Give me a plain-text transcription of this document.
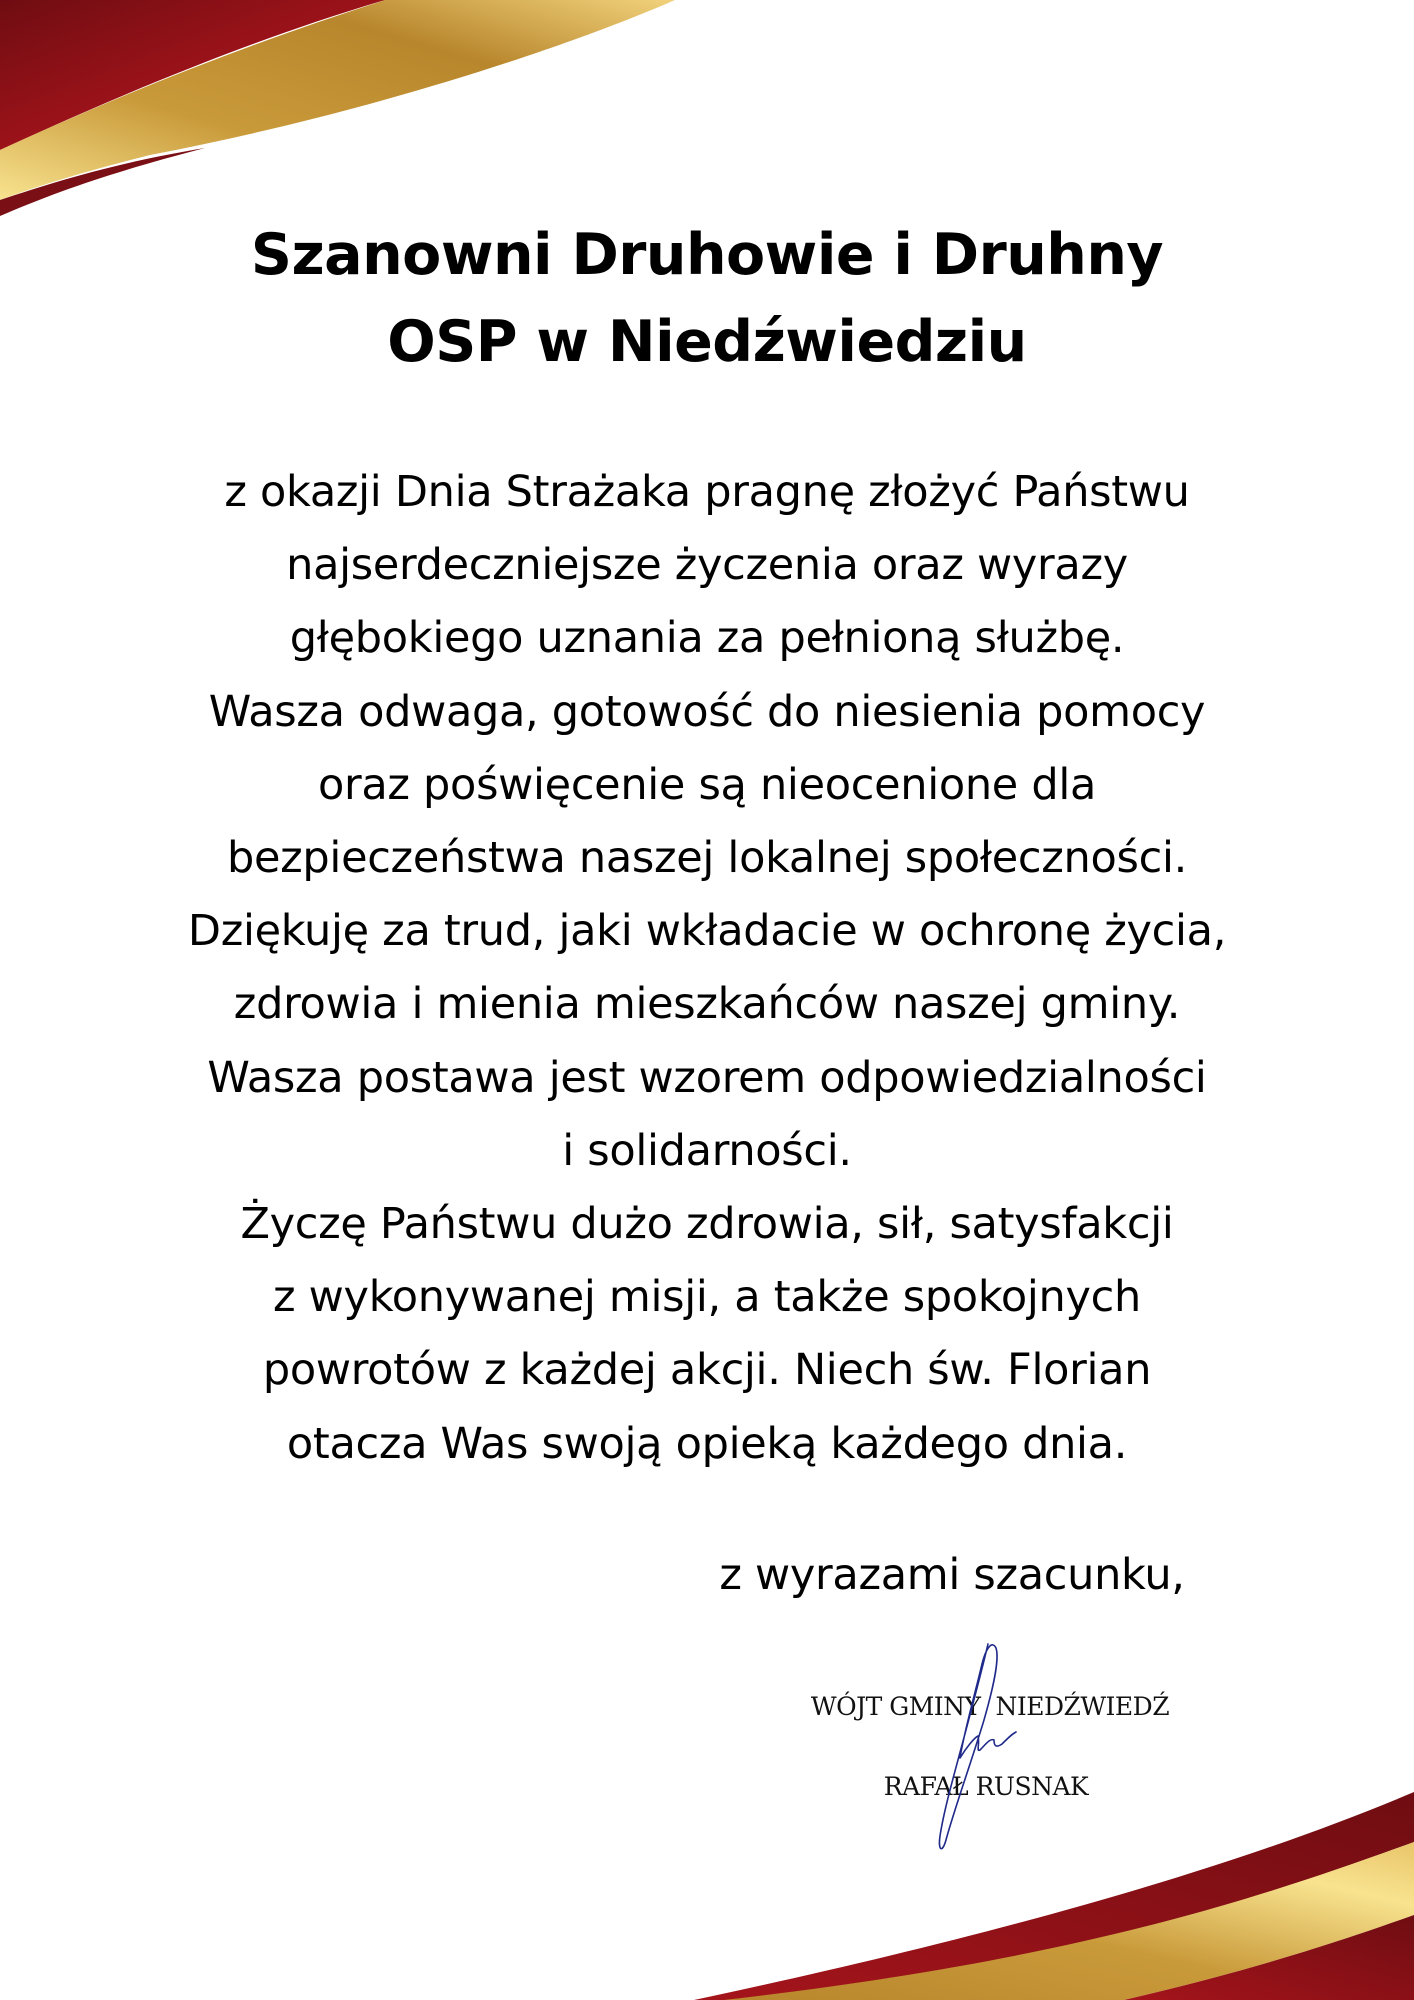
Szanowni Druhowie i Druhny
OSP w Niedźwiedziu
z okazji Dnia Strażaka pragnę złożyć Państwu
najserdeczniejsze życzenia oraz wyrazy
głębokiego uznania za pełnioną służbę.
Wasza odwaga, gotowość do niesienia pomocy
oraz poświęcenie są nieocenione dla
bezpieczeństwa naszej lokalnej społeczności.
Dziękuję za trud, jaki wkładacie w ochronę życia,
zdrowia i mienia mieszkańców naszej gminy.
Wasza postawa jest wzorem odpowiedzialności
i solidarności.
Życzę Państwu dużo zdrowia, sił, satysfakcji
z wykonywanej misji, a także spokojnych
powrotów z każdej akcji. Niech św. Florian
otacza Was swoją opieką każdego dnia.
z wyrazami szacunku,
WÓJT GMINY  NIEDŹWIEDŹ
RAFAŁ RUSNAK
